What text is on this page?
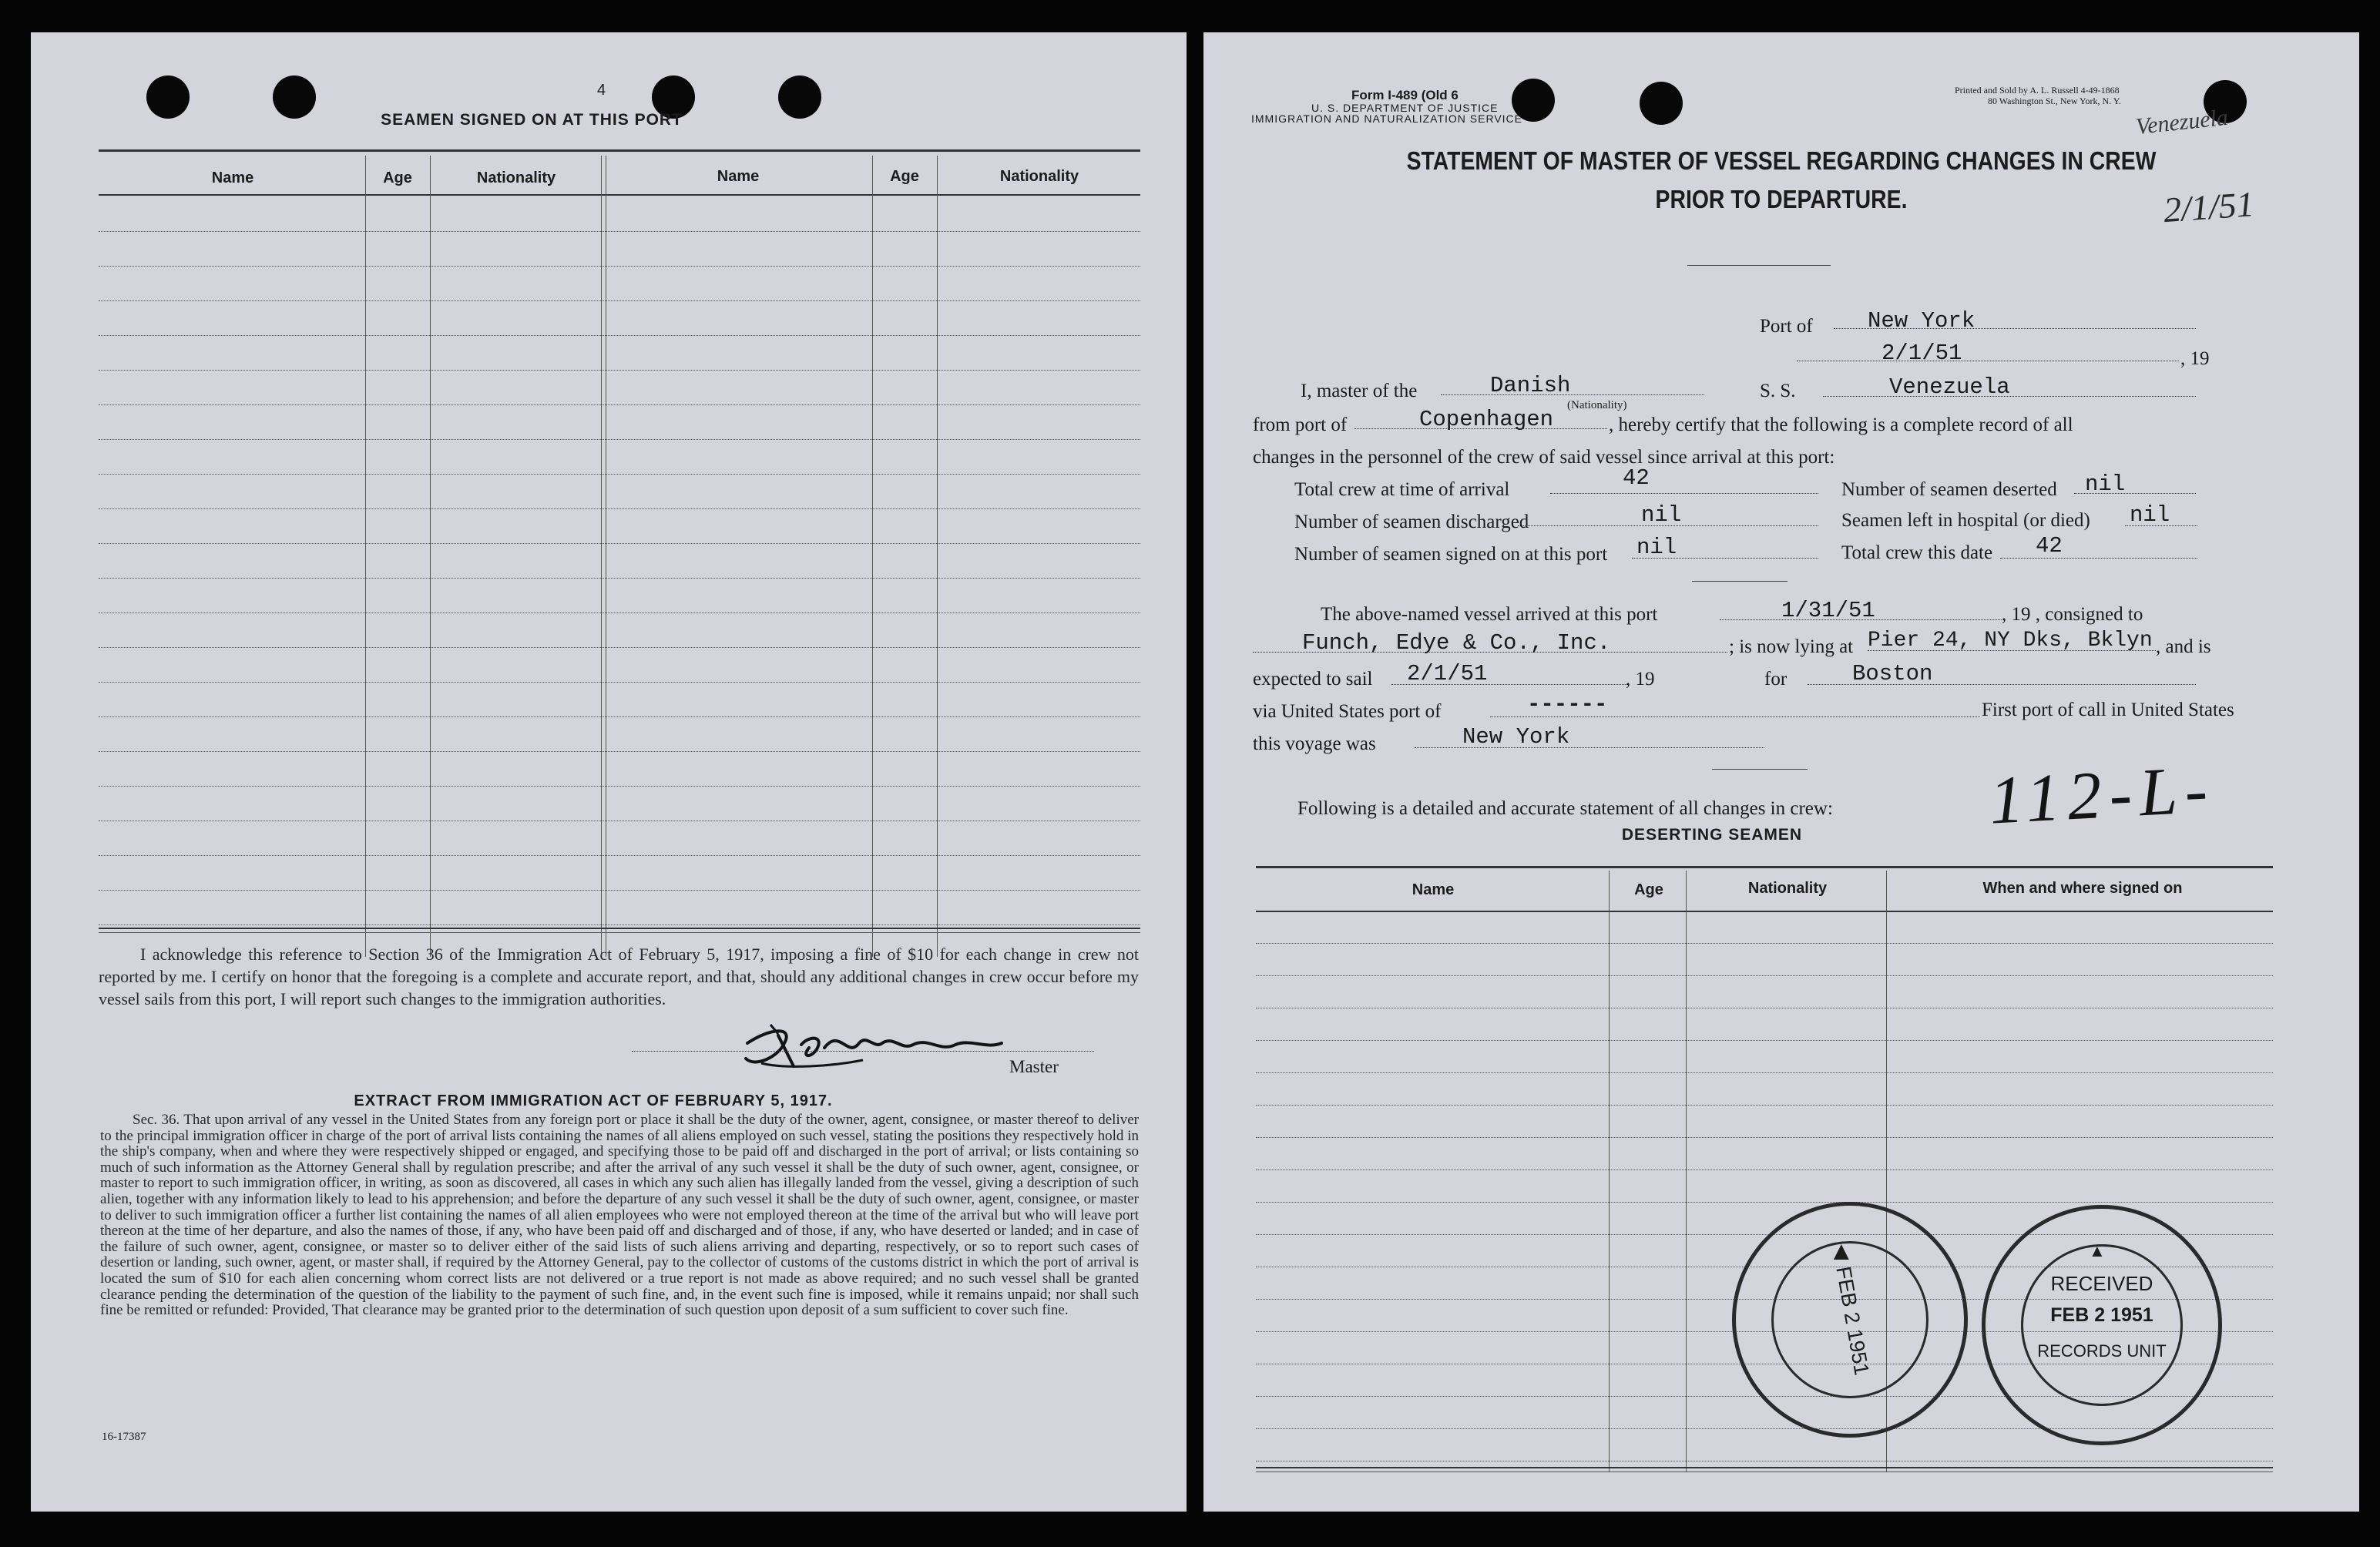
4
SEAMEN SIGNED ON AT THIS PORT
Name	Age	Nationality	Name	Age	Nationality
I acknowledge this reference to Section 36 of the Immigration Act of February 5, 1917, imposing a fine of $10 for each change in crew not reported by me. I certify on honor that the foregoing is a complete and accurate report, and that, should any additional changes in crew occur before my vessel sails from this port, I will report such changes to the immigration authorities.
Master
EXTRACT FROM IMMIGRATION ACT OF FEBRUARY 5, 1917.
Sec. 36. That upon arrival of any vessel in the United States from any foreign port or place it shall be the duty of the owner, agent, consignee, or master thereof to deliver to the principal immigration officer in charge of the port of arrival lists containing the names of all aliens employed on such vessel, stating the positions they respectively hold in the ship's company, when and where they were respectively shipped or engaged, and specifying those to be paid off and discharged in the port of arrival; or lists containing so much of such information as the Attorney General shall by regulation prescribe; and after the arrival of any such vessel it shall be the duty of such owner, agent, consignee, or master to report to such immigration officer, in writing, as soon as discovered, all cases in which any such alien has illegally landed from the vessel, giving a description of such alien, together with any information likely to lead to his apprehension; and before the departure of any such vessel it shall be the duty of such owner, agent, consignee, or master to deliver to such immigration officer a further list containing the names of all alien employees who were not employed thereon at the time of the arrival but who will leave port thereon at the time of her departure, and also the names of those, if any, who have been paid off and discharged and of those, if any, who have deserted or landed; and in case of the failure of such owner, agent, consignee, or master so to deliver either of the said lists of such aliens arriving and departing, respectively, or so to report such cases of desertion or landing, such owner, agent, or master shall, if required by the Attorney General, pay to the collector of customs of the customs district in which the port of arrival is located the sum of $10 for each alien concerning whom correct lists are not delivered or a true report is not made as above required; and no such vessel shall be granted clearance pending the determination of the question of the liability to the payment of such fine, and, in the event such fine is imposed, while it remains unpaid; nor shall such fine be remitted or refunded: Provided, That clearance may be granted prior to the determination of such question upon deposit of a sum sufficient to cover such fine.
16-17387
Form I-489 (Old 6
U. S. DEPARTMENT OF JUSTICE
IMMIGRATION AND NATURALIZATION SERVICE
Printed and Sold by A. L. Russell 4-49-1868
80 Washington St., New York, N. Y.
Venezuela
2/1/51
STATEMENT OF MASTER OF VESSEL REGARDING CHANGES IN CREW
PRIOR TO DEPARTURE.
Port of New York
2/1/51	, 19
I, master of the	Danish
(Nationality)
S. S.	Venezuela
from port of	Copenhagen	, hereby certify that the following is a complete record of all
changes in the personnel of the crew of said vessel since arrival at this port:
Total crew at time of arrival	42	Number of seamen deserted nil
Number of seamen discharged	nil	Seamen left in hospital (or died) nil
Number of seamen signed on at this port nil	Total crew this date 42
The above-named vessel arrived at this port	1/31/51	, 19 , consigned to
Funch, Edye & Co., Inc.	; is now lying at Pier 24, NY Dks, Bklyn , and is
expected to sail 2/1/51	, 19	for	Boston
via United States port of	------	First port of call in United States
this voyage was	New York
112-L-
Following is a detailed and accurate statement of all changes in crew:
DESERTING SEAMEN
Name	Age	Nationality	When and where signed on
▲
FEB 2 1951
▲
RECEIVED
FEB 2 1951
RECORDS UNIT
